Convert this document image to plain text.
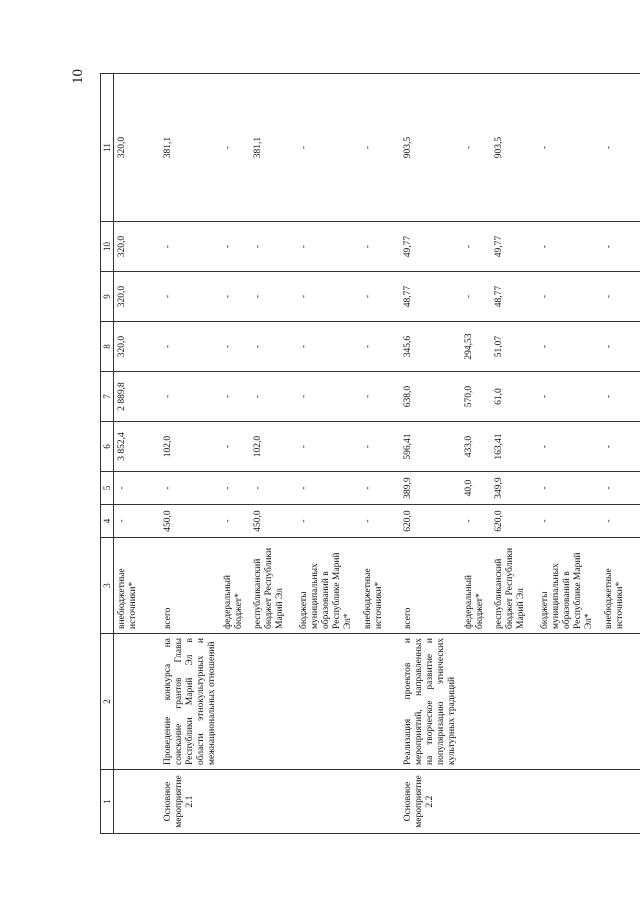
10
1	2	3	4	5	6	7	8	9	10	11
		внебюджетные источники*	-	-	3 852,4	2 889,8	320,0	320,0	320,0	320,0
Основное мероприятие 2.1	Проведение конкурса на соискание грантов Главы Республики Марий Эл в области этнокультурных и межнациональных отношений	всего	450,0	-	102,0	-	-	-	-	381,1
		федеральный бюджет*	-	-	-	-	-	-	-	-
		республиканский бюджет Республики Марий Эл	450,0	-	102,0	-	-	-	-	381,1
		бюджеты муниципальных образований в Республике Марий Эл*	-	-	-	-	-	-	-	-
		внебюджетные источники*	-	-	-	-	-	-	-	-
Основное мероприятие 2.2	Реализация проектов и мероприятий, направленных на творческое развитие и популяризацию этнических культурных традиций	всего	620,0	389,9	596,41	638,0	345,6	48,77	49,77	903,5
		федеральный бюджет*	-	40,0	433,0	570,0	294,53	-	-	-
		республиканский бюджет Республики Марий Эл	620,0	349,9	163,41	61,0	51,07	48,77	49,77	903,5
		бюджеты муниципальных образований в Республике Марий Эл*	-	-	-	-	-	-	-	-
		внебюджетные источники*	-	-	-	-	-	-	-	-
